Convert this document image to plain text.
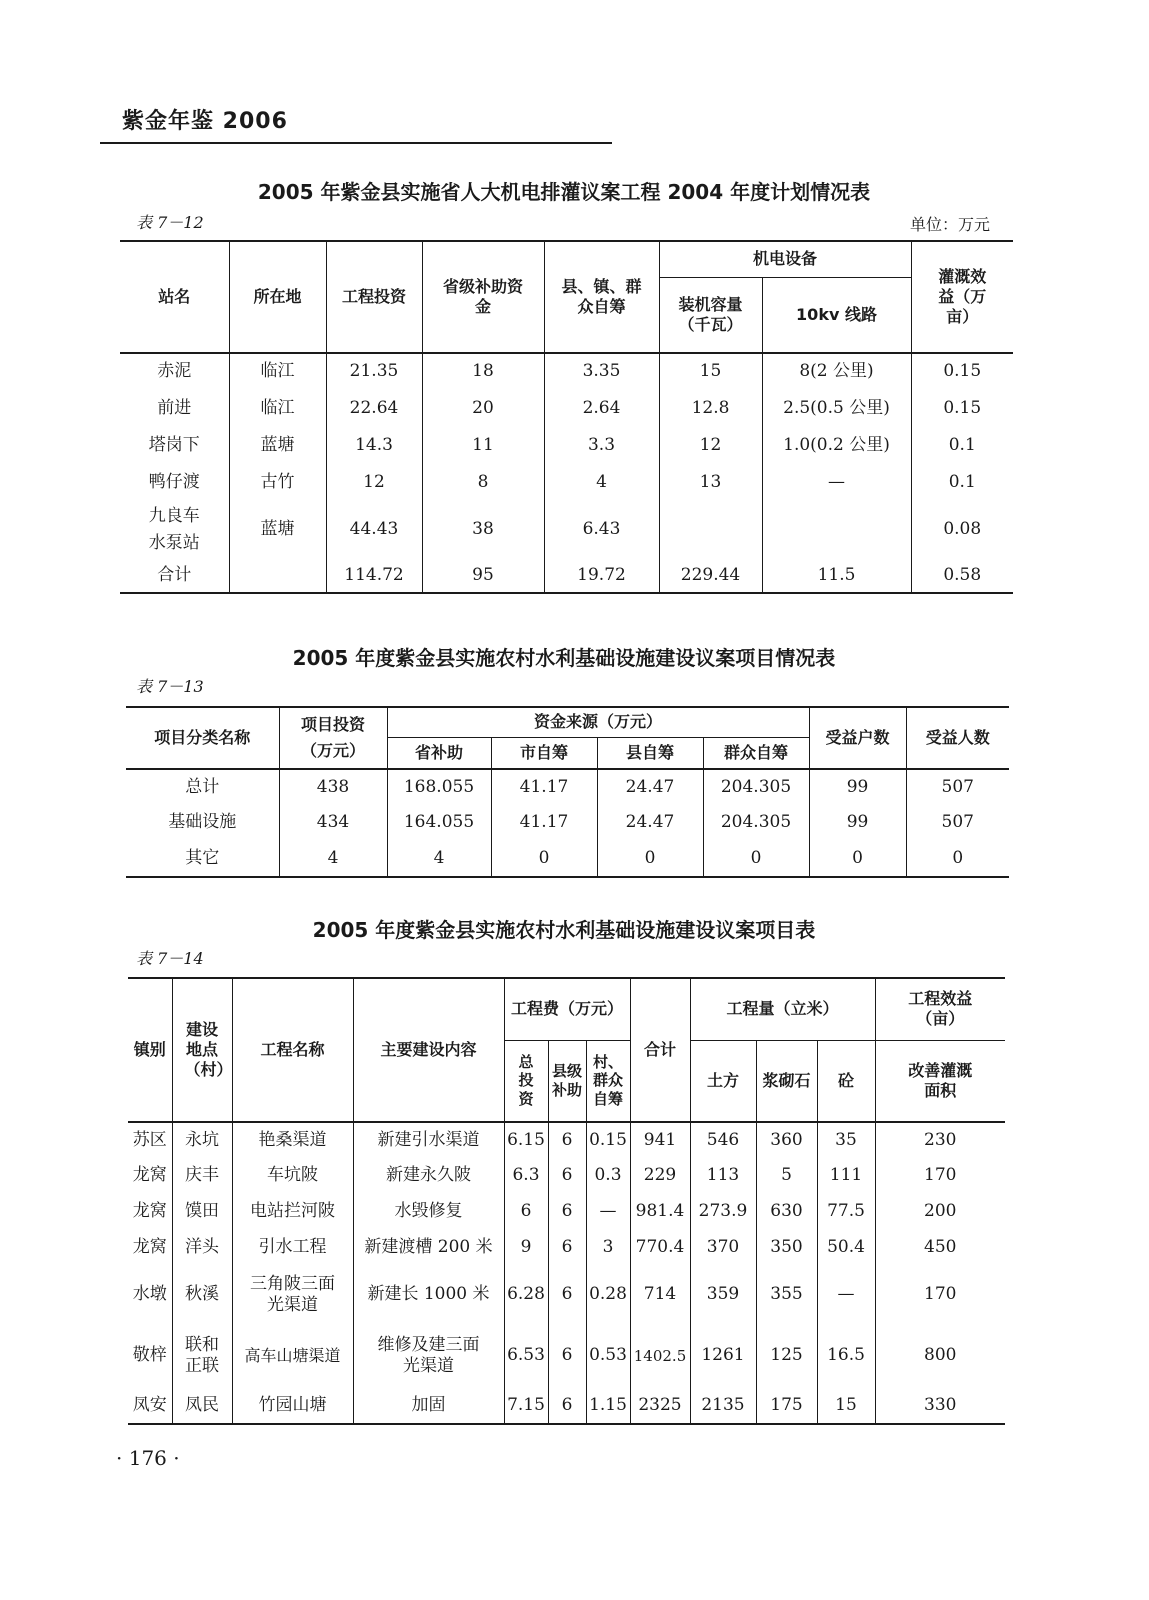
紫金年鉴 2006
2005 年紫金县实施省人大机电排灌议案工程 2004 年度计划情况表
表 7－12	单位：万元
站名	所在地	工程投资	省级补助资金	县、镇、群众自筹	机电设备		灌溉效益（万亩）
					装机容量（千瓦）	10kv 线路	
赤泥	临江	21.35	18	3.35	15	8(2 公里)	0.15
前进	临江	22.64	20	2.64	12.8	2.5(0.5 公里)	0.15
塔岗下	蓝塘	14.3	11	3.3	12	1.0(0.2 公里)	0.1
鸭仔渡	古竹	12	8	4	13	—	0.1
九良车水泵站	蓝塘	44.43	38	6.43			0.08
合计		114.72	95	19.72	229.44	11.5	0.58
2005 年度紫金县实施农村水利基础设施建设议案项目情况表
表 7－13
项目分类名称	项目投资（万元）	资金来源（万元）				受益户数	受益人数
		省补助	市自筹	县自筹	群众自筹		
总计	438	168.055	41.17	24.47	204.305	99	507
基础设施	434	164.055	41.17	24.47	204.305	99	507
其它	4	4	0	0	0	0	0
2005 年度紫金县实施农村水利基础设施建设议案项目表
表 7－14
镇别	建设地点（村）	工程名称	主要建设内容	工程费（万元）			合计	工程量（立米）			工程效益（亩）
				总投资	县级补助	村、群众自筹		土方	浆砌石	砼	改善灌溉面积
苏区	永坑	艳桑渠道	新建引水渠道	6.15	6	0.15	941	546	360	35	230
龙窝	庆丰	车坑陂	新建永久陂	6.3	6	0.3	229	113	5	111	170
龙窝	馍田	电站拦河陂	水毁修复	6	6	—	981.4	273.9	630	77.5	200
龙窝	洋头	引水工程	新建渡槽 200 米	9	6	3	770.4	370	350	50.4	450
水墩	秋溪	三角陂三面光渠道	新建长 1000 米	6.28	6	0.28	714	359	355	—	170
敬梓	联和正联	高车山塘渠道	维修及建三面光渠道	6.53	6	0.53	1402.5	1261	125	16.5	800
凤安	凤民	竹园山塘	加固	7.15	6	1.15	2325	2135	175	15	330
· 176 ·
